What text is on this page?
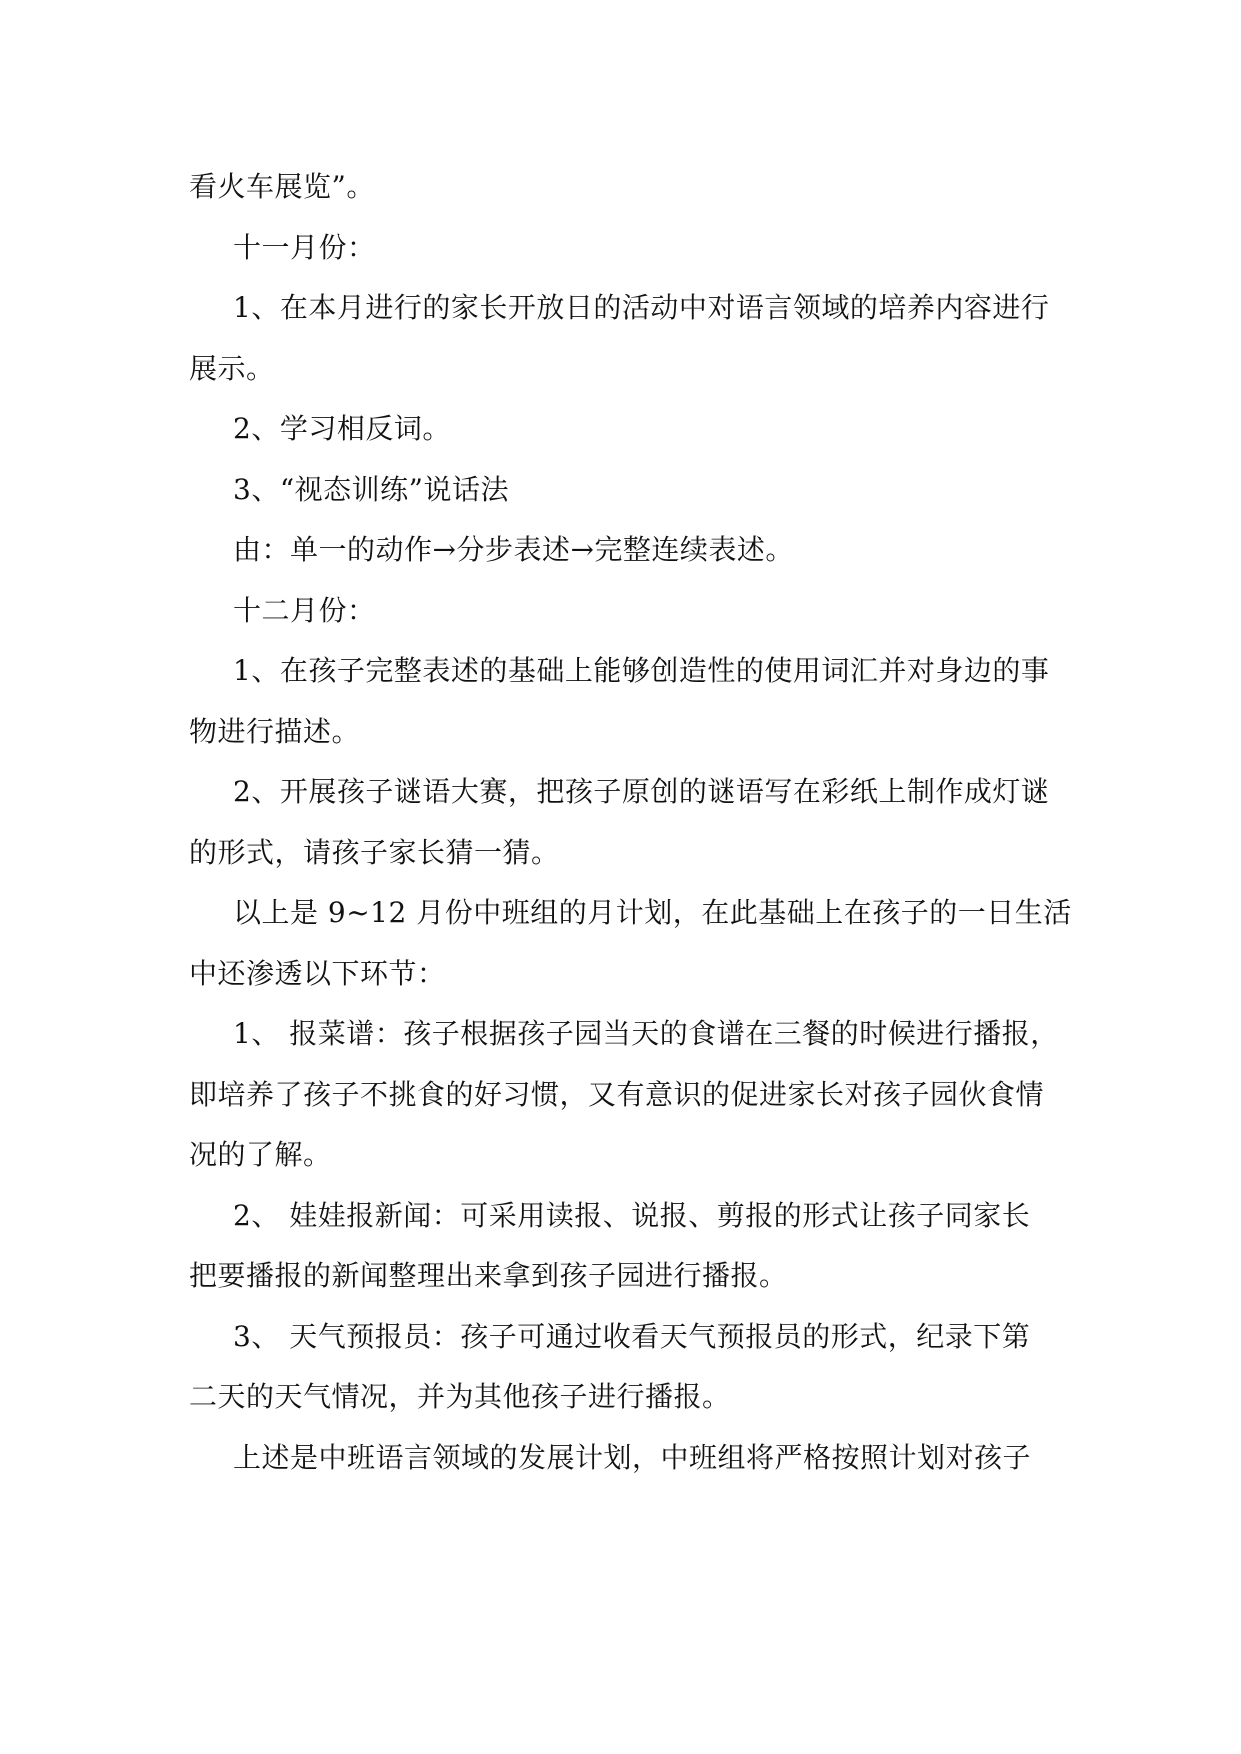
看火车展览”。
十一月份：
1、在本月进行的家长开放日的活动中对语言领域的培养内容进行
展示。
2、学习相反词。
3、“视态训练”说话法
由：单一的动作→分步表述→完整连续表述。
十二月份：
1、在孩子完整表述的基础上能够创造性的使用词汇并对身边的事
物进行描述。
2、开展孩子谜语大赛，把孩子原创的谜语写在彩纸上制作成灯谜
的形式，请孩子家长猜一猜。
以上是 9~12 月份中班组的月计划，在此基础上在孩子的一日生活
中还渗透以下环节：
1、 报菜谱：孩子根据孩子园当天的食谱在三餐的时候进行播报，
即培养了孩子不挑食的好习惯，又有意识的促进家长对孩子园伙食情
况的了解。
2、 娃娃报新闻：可采用读报、说报、剪报的形式让孩子同家长
把要播报的新闻整理出来拿到孩子园进行播报。
3、 天气预报员：孩子可通过收看天气预报员的形式，纪录下第
二天的天气情况，并为其他孩子进行播报。
上述是中班语言领域的发展计划，中班组将严格按照计划对孩子
